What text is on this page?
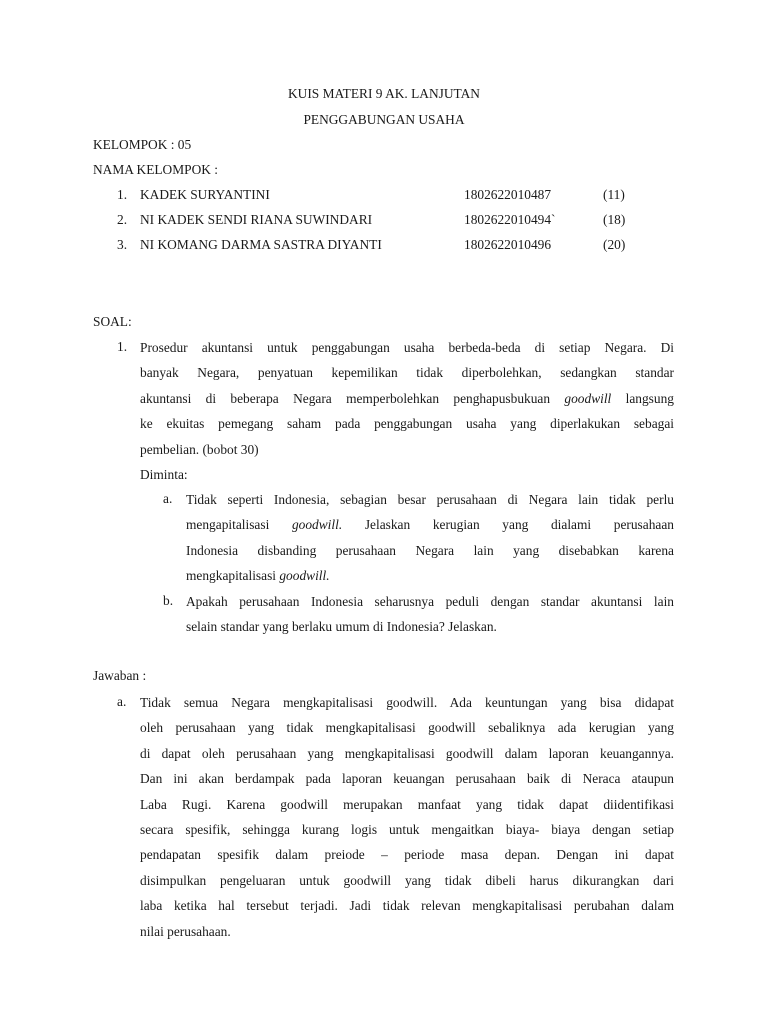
KUIS MATERI 9 AK. LANJUTAN
PENGGABUNGAN USAHA
KELOMPOK : 05
NAMA KELOMPOK :
1. KADEK SURYANTINI	1802622010487	(11)
2. NI KADEK SENDI RIANA SUWINDARI	1802622010494`	(18)
3. NI KOMANG DARMA SASTRA DIYANTI	1802622010496	(20)
SOAL:
1. Prosedur akuntansi untuk penggabungan usaha berbeda-beda di setiap Negara. Di
banyak Negara, penyatuan kepemilikan tidak diperbolehkan, sedangkan standar
akuntansi di beberapa Negara memperbolehkan penghapusbukuan goodwill langsung
ke ekuitas pemegang saham pada penggabungan usaha yang diperlakukan sebagai
pembelian. (bobot 30)
Diminta:
a. Tidak seperti Indonesia, sebagian besar perusahaan di Negara lain tidak perlu
mengapitalisasi goodwill. Jelaskan kerugian yang dialami perusahaan
Indonesia disbanding perusahaan Negara lain yang disebabkan karena
mengkapitalisasi goodwill.
b. Apakah perusahaan Indonesia seharusnya peduli dengan standar akuntansi lain
selain standar yang berlaku umum di Indonesia? Jelaskan.
Jawaban :
a. Tidak semua Negara mengkapitalisasi goodwill. Ada keuntungan yang bisa didapat
oleh perusahaan yang tidak mengkapitalisasi goodwill sebaliknya ada kerugian yang
di dapat oleh perusahaan yang mengkapitalisasi goodwill dalam laporan keuangannya.
Dan ini akan berdampak pada laporan keuangan perusahaan baik di Neraca ataupun
Laba Rugi. Karena goodwill merupakan manfaat yang tidak dapat diidentifikasi
secara spesifik, sehingga kurang logis untuk mengaitkan biaya- biaya dengan setiap
pendapatan spesifik dalam preiode – periode masa depan. Dengan ini dapat
disimpulkan pengeluaran untuk goodwill yang tidak dibeli harus dikurangkan dari
laba ketika hal tersebut terjadi. Jadi tidak relevan mengkapitalisasi perubahan dalam
nilai perusahaan.
